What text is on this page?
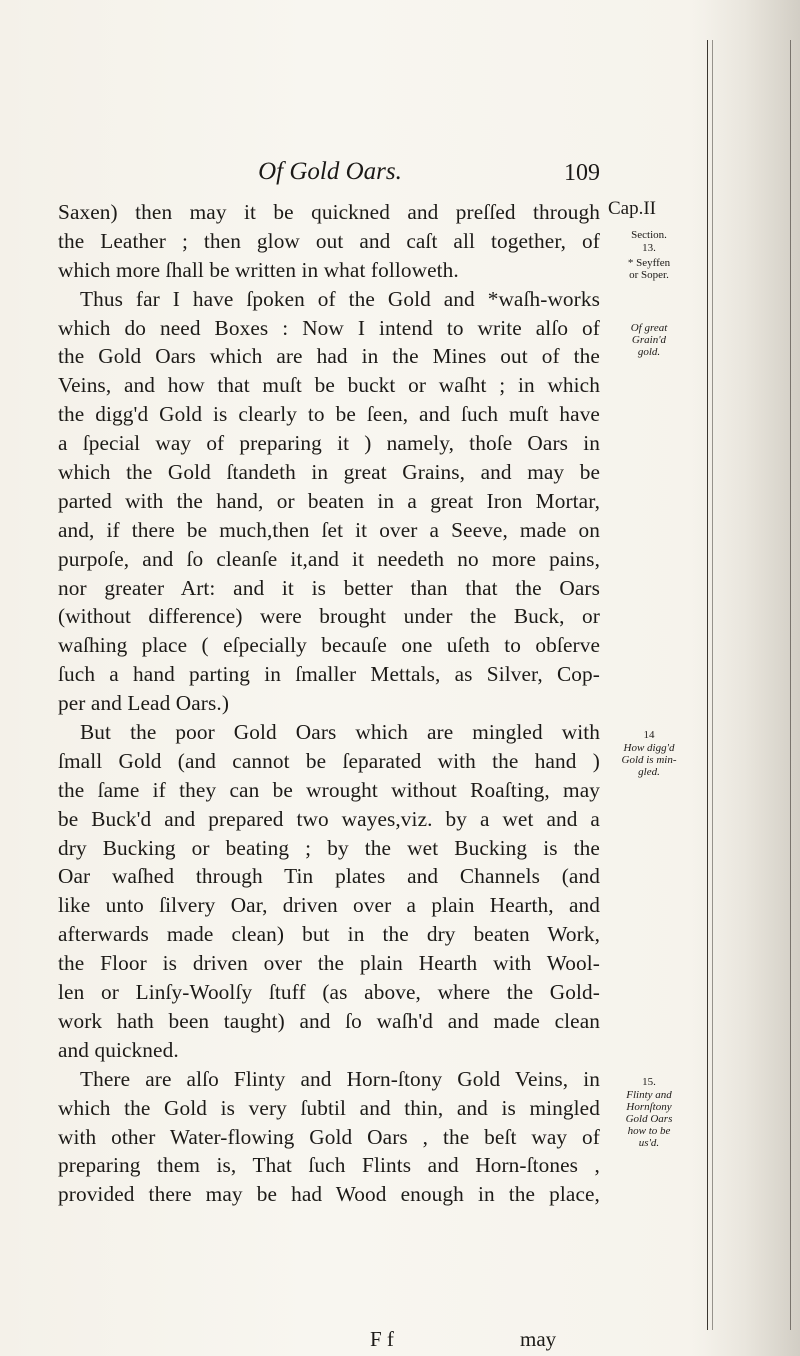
Of Gold Oars.	109
Saxen) then may it be quickned and preſſed through
the Leather ; then glow out and caſt all together, of
which more ſhall be written in what followeth.
Thus far I have ſpoken of the Gold and *waſh-works
which do need Boxes : Now I intend to write alſo of
the Gold Oars which are had in the Mines out of the
Veins, and how that muſt be buckt or waſht ; in which
the digg'd Gold is clearly to be ſeen, and ſuch muſt have
a ſpecial way of preparing it ) namely, thoſe Oars in
which the Gold ſtandeth in great Grains, and may be
parted with the hand, or beaten in a great Iron Mortar,
and, if there be much,then ſet it over a Seeve, made on
purpoſe, and ſo cleanſe it,and it needeth no more pains,
nor greater Art: and it is better than that the Oars
(without difference) were brought under the Buck, or
waſhing place ( eſpecially becauſe one uſeth to obſerve
ſuch a hand parting in ſmaller Mettals, as Silver, Cop-
per and Lead Oars.)
But the poor Gold Oars which are mingled with
ſmall Gold (and cannot be ſeparated with the hand )
the ſame if they can be wrought without Roaſting, may
be Buck'd and prepared two wayes,viz. by a wet and a
dry Bucking or beating ; by the wet Bucking is the
Oar waſhed through Tin plates and Channels (and
like unto ſilvery Oar, driven over a plain Hearth, and
afterwards made clean) but in the dry beaten Work,
the Floor is driven over the plain Hearth with Wool-
len or Linſy-Woolſy ſtuff (as above, where the Gold-
work hath been taught) and ſo waſh'd and made clean
and quickned.
There are alſo Flinty and Horn-ſtony Gold Veins, in
which the Gold is very ſubtil and thin, and is mingled
with other Water-flowing Gold Oars , the beſt way of
preparing them is, That ſuch Flints and Horn-ſtones ,
provided there may be had Wood enough in the place,
Cap.II
Section.
13.
* Seyffen
or Soper.
Of great
Grain'd
gold.
14
How digg'd
Gold is min-
gled.
15.
Flinty and
Hornſtony
Gold Oars
how to be
us'd.
F f	may
